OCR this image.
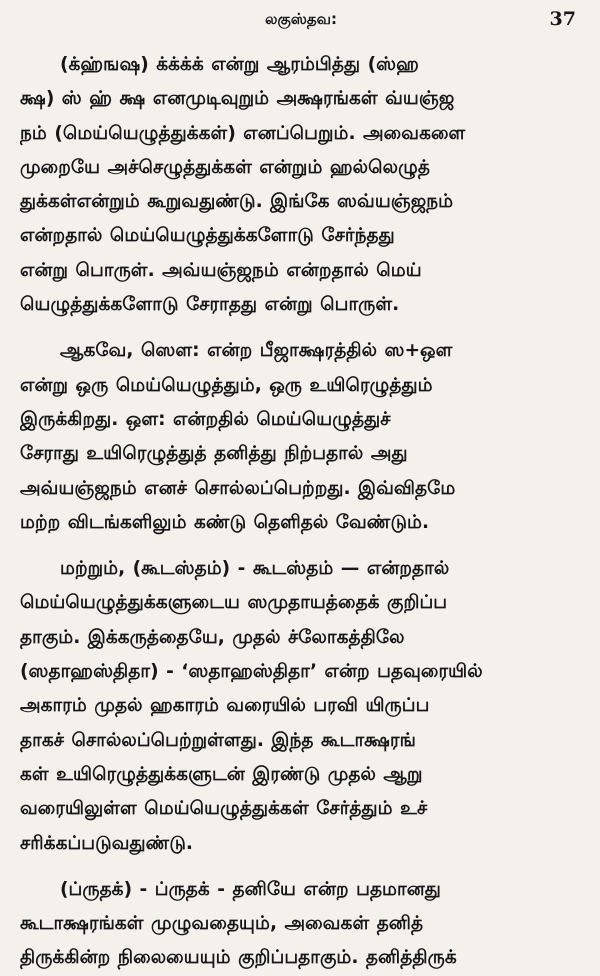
லகுஸ்தவ:	37
(க்ஹ்ஙஷ) க்க்க்க் என்று ஆரம்பித்து (ஸ்ஹ
க்ஷ) ஸ் ஹ் க்ஷ எனமுடிவுறும் அக்ஷரங்கள் வ்யஞ்ஜ
நம் (மெய்யெழுத்துக்கள்) எனப்பெறும். அவைகளை
முறையே அச்செழுத்துக்கள் என்றும் ஹல்லெழுத்
துக்கள்என்றும் கூறுவதுண்டு. இங்கே ஸவ்யஞ்ஜநம்
என்றதால் மெய்யெழுத்துக்களோடு சேர்ந்தது
என்று பொருள். அவ்யஞ்ஜநம் என்றதால் மெய்
யெழுத்துக்களோடு சேராதது என்று பொருள்.
ஆகவே, ஸௌ: என்ற பீஜாக்ஷரத்தில் ஸ+ஒள
என்று ஒரு மெய்யெழுத்தும், ஒரு உயிரெழுத்தும்
இருக்கிறது. ஒள: என்றதில் மெய்யெழுத்துச்
சேராது உயிரெழுத்துத் தனித்து நிற்பதால் அது
அவ்யஞ்ஜநம் எனச் சொல்லப்பெற்றது. இவ்விதமே
மற்ற விடங்களிலும் கண்டு தெளிதல் வேண்டும்.
மற்றும், (கூடஸ்தம்) - கூடஸ்தம் — என்றதால்
மெய்யெழுத்துக்களுடைய ஸமுதாயத்தைக் குறிப்ப
தாகும். இக்கருத்தையே, முதல் ச்லோகத்திலே
(ஸதாஹஸ்திதா) - ‘ஸதாஹஸ்திதா’ என்ற பதவுரையில்
அகாரம் முதல் ஹகாரம் வரையில் பரவி யிருப்ப
தாகச் சொல்லப்பெற்றுள்ளது. இந்த கூடாக்ஷரங்
கள் உயிரெழுத்துக்களுடன் இரண்டு முதல் ஆறு
வரையிலுள்ள மெய்யெழுத்துக்கள் சேர்த்தும் உச்
சரிக்கப்படுவதுண்டு.
(ப்ருதக்) - ப்ருதக் - தனியே என்ற பதமானது
கூடாக்ஷரங்கள் முழுவதையும், அவைகள் தனித்
திருக்கின்ற நிலையையும் குறிப்பதாகும். தனித்திருக்
